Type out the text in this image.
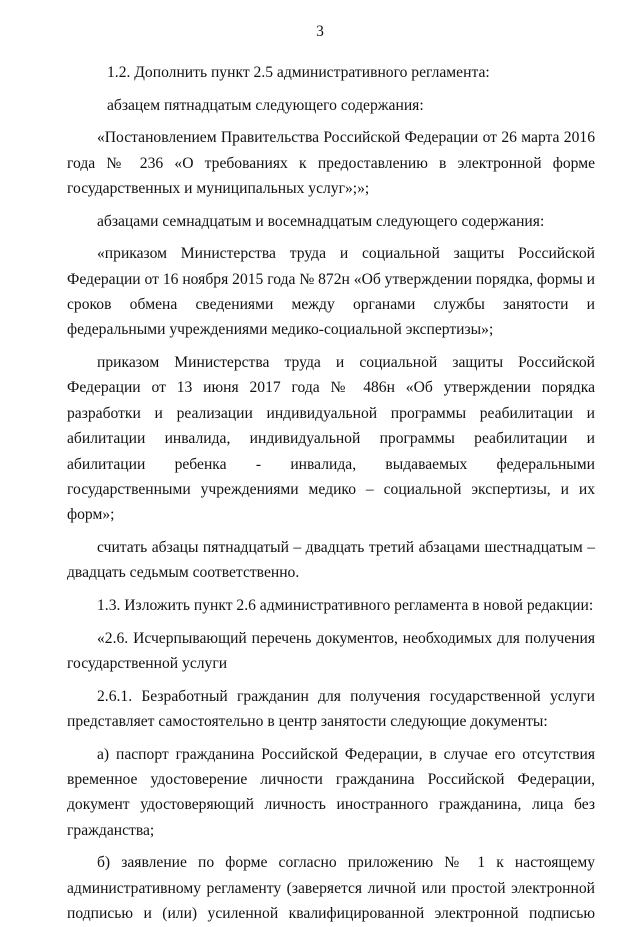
3

1.2. Дополнить пункт 2.5 административного регламента:

абзацем пятнадцатым следующего содержания:

«Постановлением Правительства Российской Федерации от 26 марта 2016 года № 236 «О требованиях к предоставлению в электронной форме государственных и муниципальных услуг»;»;

абзацами семнадцатым и восемнадцатым следующего содержания:

«приказом Министерства труда и социальной защиты Российской Федерации от 16 ноября 2015 года № 872н «Об утверждении порядка, формы и сроков обмена сведениями между органами службы занятости и федеральными учреждениями медико-социальной экспертизы»;

приказом Министерства труда и социальной защиты Российской Федерации от 13 июня 2017 года № 486н «Об утверждении порядка разработки и реализации индивидуальной программы реабилитации и абилитации инвалида, индивидуальной программы реабилитации и абилитации ребенка - инвалида, выдаваемых федеральными государственными учреждениями медико – социальной экспертизы, и их форм»;

считать абзацы пятнадцатый – двадцать третий абзацами шестнадцатым – двадцать седьмым соответственно.

1.3. Изложить пункт 2.6 административного регламента в новой редакции:

«2.6. Исчерпывающий перечень документов, необходимых для получения государственной услуги

2.6.1. Безработный гражданин для получения государственной услуги представляет самостоятельно в центр занятости следующие документы:

а) паспорт гражданина Российской Федерации, в случае его отсутствия временное удостоверение личности гражданина Российской Федерации, документ удостоверяющий личность иностранного гражданина, лица без гражданства;

б) заявление по форме согласно приложению № 1 к настоящему административному регламенту (заверяется личной или простой электронной подписью и (или) усиленной квалифицированной электронной подписью
